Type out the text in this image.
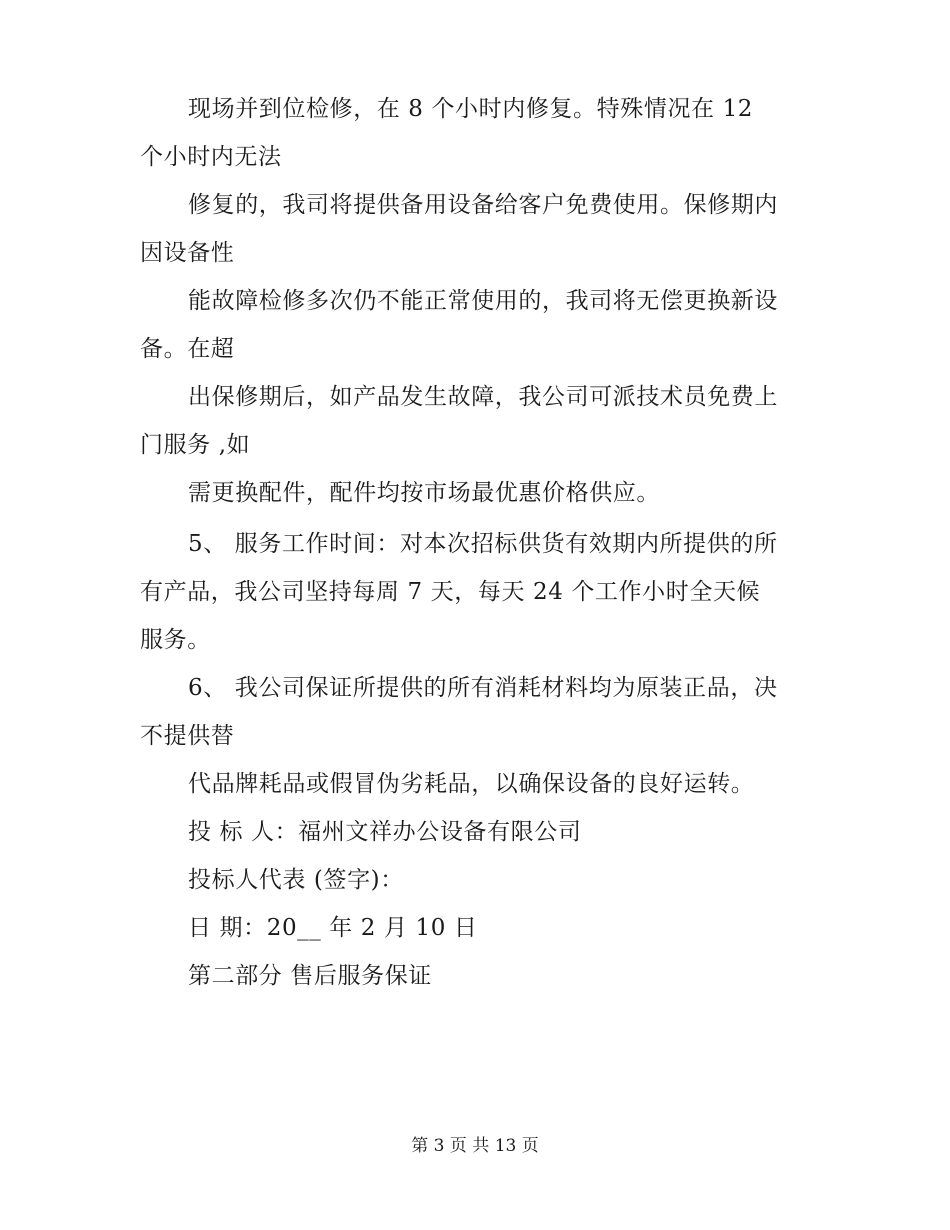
现场并到位检修，在 8 个小时内修复。特殊情况在 12
个小时内无法
修复的，我司将提供备用设备给客户免费使用。保修期内
因设备性
能故障检修多次仍不能正常使用的，我司将无偿更换新设
备。在超
出保修期后，如产品发生故障，我公司可派技术员免费上
门服务 ,如
需更换配件，配件均按市场最优惠价格供应。
5、 服务工作时间：对本次招标供货有效期内所提供的所
有产品，我公司坚持每周 7 天，每天 24 个工作小时全天候
服务。
6、 我公司保证所提供的所有消耗材料均为原装正品，决
不提供替
代品牌耗品或假冒伪劣耗品，以确保设备的良好运转。
投 标 人：福州文祥办公设备有限公司
投标人代表 (签字)：
日 期：20__ 年 2 月 10 日
第二部分 售后服务保证
第 3 页 共 13 页
